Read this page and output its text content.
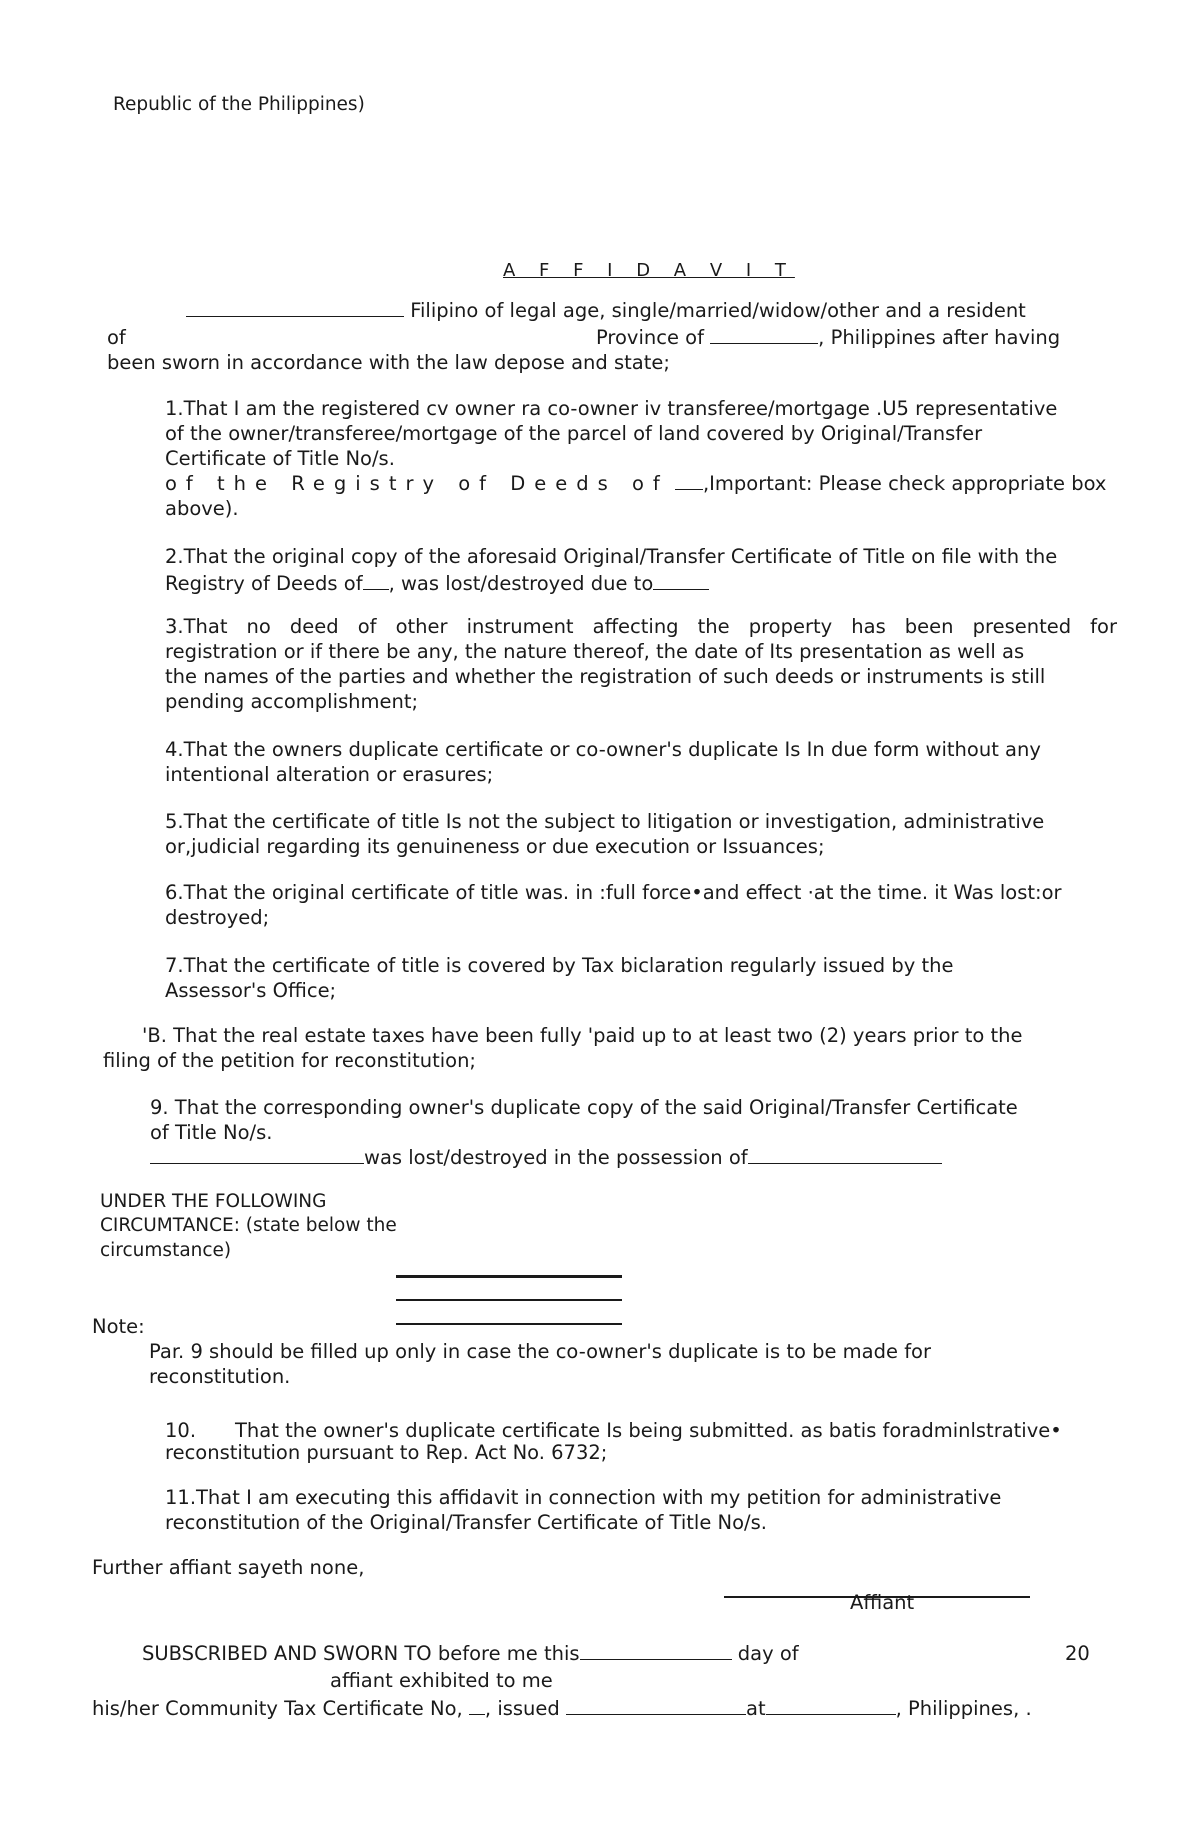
Republic of the Philippines)
A F F I D A V I T
Filipino of legal age, single/married/widow/other and a resident
of	Province of	, Philippines after having
been sworn in accordance with the law depose and state;
1.That I am the registered cv owner ra co-owner iv transferee/mortgage .U5 representative
of the owner/transferee/mortgage of the parcel of land covered by Original/Transfer
Certificate of Title No/s.
of the Registry of Deeds of ,Important: Please check appropriate box
above).
2.That the original copy of the aforesaid Original/Transfer Certificate of Title on file with the
Registry of Deeds of , was lost/destroyed due to
3.That no deed of other instrument affecting the property has been presented for
registration or if there be any, the nature thereof, the date of Its presentation as well as
the names of the parties and whether the registration of such deeds or instruments is still
pending accomplishment;
4.That the owners duplicate certificate or co-owner's duplicate Is In due form without any
intentional alteration or erasures;
5.That the certificate of title Is not the subject to litigation or investigation, administrative
or,judicial regarding its genuineness or due execution or Issuances;
6.That the original certificate of title was. in :full force•and effect ·at the time. it Was lost:or
destroyed;
7.That the certificate of title is covered by Tax biclaration regularly issued by the
Assessor's Office;
'B. That the real estate taxes have been fully 'paid up to at least two (2) years prior to the
filing of the petition for reconstitution;
9. That the corresponding owner's duplicate copy of the said Original/Transfer Certificate
of Title No/s.
was lost/destroyed in the possession of
UNDER THE FOLLOWING
CIRCUMTANCE: (state below the
circumstance)
Note:
Par. 9 should be filled up only in case the co-owner's duplicate is to be made for
reconstitution.
10. That the owner's duplicate certificate Is being submitted. as batis foradminlstrative•
reconstitution pursuant to Rep. Act No. 6732;
11.That I am executing this affidavit in connection with my petition for administrative
reconstitution of the Original/Transfer Certificate of Title No/s.
Further affiant sayeth none,
Affiant
SUBSCRIBED AND SWORN TO before me this	day of	20
affiant exhibited to me
his/her Community Tax Certificate No, , issued	at	, Philippines, .
